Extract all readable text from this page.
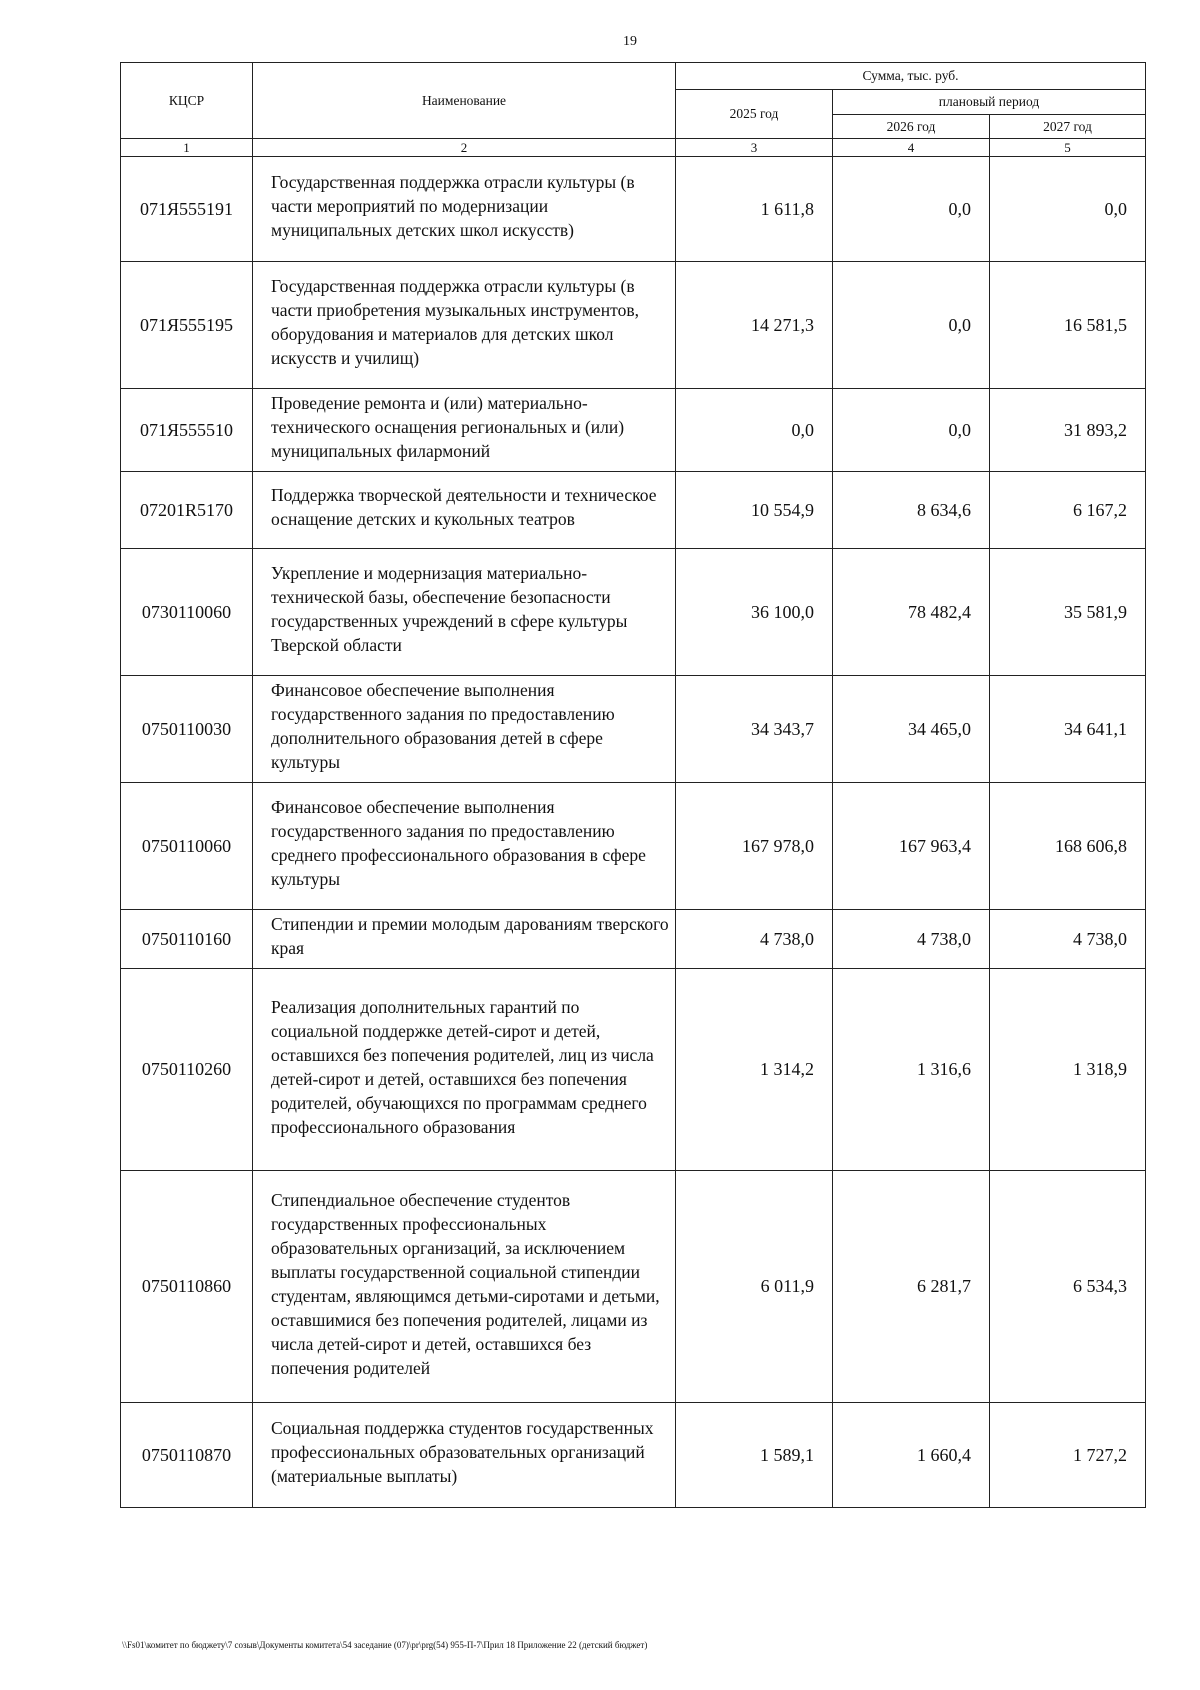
19
КЦСР	Наименование	Сумма, тыс. руб.		
		2025 год	плановый период	
			2026 год	2027 год
1	2	3	4	5
071Я555191	Государственная поддержка отрасли культуры (в части мероприятий по модернизации муниципальных детских школ искусств)	1 611,8	0,0	0,0
071Я555195	Государственная поддержка отрасли культуры (в части приобретения музыкальных инструментов, оборудования и материалов для детских школ искусств и училищ)	14 271,3	0,0	16 581,5
071Я555510	Проведение ремонта и (или) материально-технического оснащения региональных и (или) муниципальных филармоний	0,0	0,0	31 893,2
07201R5170	Поддержка творческой деятельности и техническое оснащение детских и кукольных театров	10 554,9	8 634,6	6 167,2
0730110060	Укрепление и модернизация материально-технической базы, обеспечение безопасности государственных учреждений в сфере культуры Тверской области	36 100,0	78 482,4	35 581,9
0750110030	Финансовое обеспечение выполнения государственного задания по предоставлению дополнительного образования детей в сфере культуры	34 343,7	34 465,0	34 641,1
0750110060	Финансовое обеспечение выполнения государственного задания по предоставлению среднего профессионального образования в сфере культуры	167 978,0	167 963,4	168 606,8
0750110160	Стипендии и премии молодым дарованиям тверского края	4 738,0	4 738,0	4 738,0
0750110260	Реализация дополнительных гарантий по социальной поддержке детей-сирот и детей, оставшихся без попечения родителей, лиц из числа детей-сирот и детей, оставшихся без попечения родителей, обучающихся по программам среднего профессионального образования	1 314,2	1 316,6	1 318,9
0750110860	Стипендиальное обеспечение студентов государственных профессиональных образовательных организаций, за исключением выплаты государственной социальной стипендии студентам, являющимся детьми-сиротами и детьми, оставшимися без попечения родителей, лицами из числа детей-сирот и детей, оставшихся без попечения родителей	6 011,9	6 281,7	6 534,3
0750110870	Социальная поддержка студентов государственных профессиональных образовательных организаций (материальные выплаты)	1 589,1	1 660,4	1 727,2
\\Fs01\комитет по бюджету\7 созыв\Документы комитета\54 заседание (07)\pr\prg(54) 955-П-7\Прил 18 Приложение 22 (детский бюджет)
